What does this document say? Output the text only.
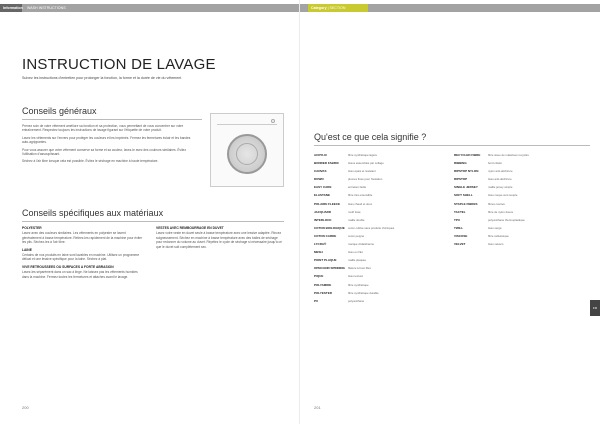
Information	WASH INSTRUCTIONS
INSTRUCTION DE LAVAGE
Suivez les instructions d'entretien pour prolonger la fonction, la forme et la durée de vie du vêtement
Conseils généraux

Prenez soin de votre vêtement améliore sa fonction et sa protection, vous permettant de vous concentrer sur votre entraînement. Respectez toujours les instructions de lavage figurant sur l'étiquette de votre produit.

Lavez les vêtements sur l'envers pour protéger les couleurs et les imprimés. Fermez les fermetures éclair et les bandes auto-agrippantes.

Pour vous assurer que votre vêtement conserve sa forme et sa couleur, lavez-le avec des couleurs similaires. Évitez l'utilisation d'assouplissant.

Séchez à l'air libre lorsque cela est possible. Évitez le séchage en machine à haute température.

Conseils spécifiques aux matériaux
POLYESTER

Lavez avec des couleurs similaires. Les vêtements en polyester se lavent généralement à basse température. Retirez-les rapidement de la machine pour éviter les plis. Séchez-les à l'air libre.

LAINE

Certains de nos produits en laine sont lavables en machine. Utilisez un programme délicat et une lessive spécifique pour la laine. Séchez à plat.

VIVE RETROUSSEES OU SURFACES A FORTE ABRASION

Lavez-les séparément dans un sac à linge. Ne laissez pas les vêtements humides dans la machine. Fermez toutes les fermetures et attaches avant le lavage.

VESTES AVEC REMBOURRAGE EN DUVET

Lavez votre veste en duvet seule à basse température avec une lessive adaptée. Rincez soigneusement. Séchez en machine à basse température avec des balles de séchage pour redonner du volume au duvet. Répétez le cycle de séchage si nécessaire jusqu'à ce que le duvet soit complètement sec.

200
Category | SECTION
Qu'est ce que cela signifie ?
ACRYLIC	fibre synthétique légère
BONDED FABRIC	tissus assemblés par collage
CANVAS	tissu épais et résistant
DOWN	plumes fines pour l'isolation
EASY CARE	entretien facile
ELASTANE	fibre très extensible
POLAIRE FLEECE	tissu chaud et doux
JACQUARD	motif tissé
INTERLOCK	maille double
COTON BIOLOGIQUE	coton cultivé sans produits chimiques
COTON CARDE	coton peigné
LYCRA®	marque d'élasthanne
MESH	tissu en filet
POINT PLAQUE	maille plaquée
OPEN END SPINNING	filature à bout libre
PIQUE	tissu texturé
POLYAMIDE	fibre synthétique
POLYESTER	fibre synthétique durable
PU	polyuréthane
RECYCLED FIBRE	fibre issue de matériaux recyclés
RIBBING	bord côtelé
RIPSTOP NYLON	nylon anti-déchirure
RIPSTOP	tissu anti-déchirure
SINGLE JERSEY	maille jersey simple
SOFT SHELL	tissu coupe-vent souple
STAPLE FIBRES	fibres courtes
TACTEL	fibre de nylon douce
TPU	polyuréthane thermoplastique
TWILL	tissu sergé
VISCOSE	fibre cellulosique
VELVET	tissu velours
FR
201
